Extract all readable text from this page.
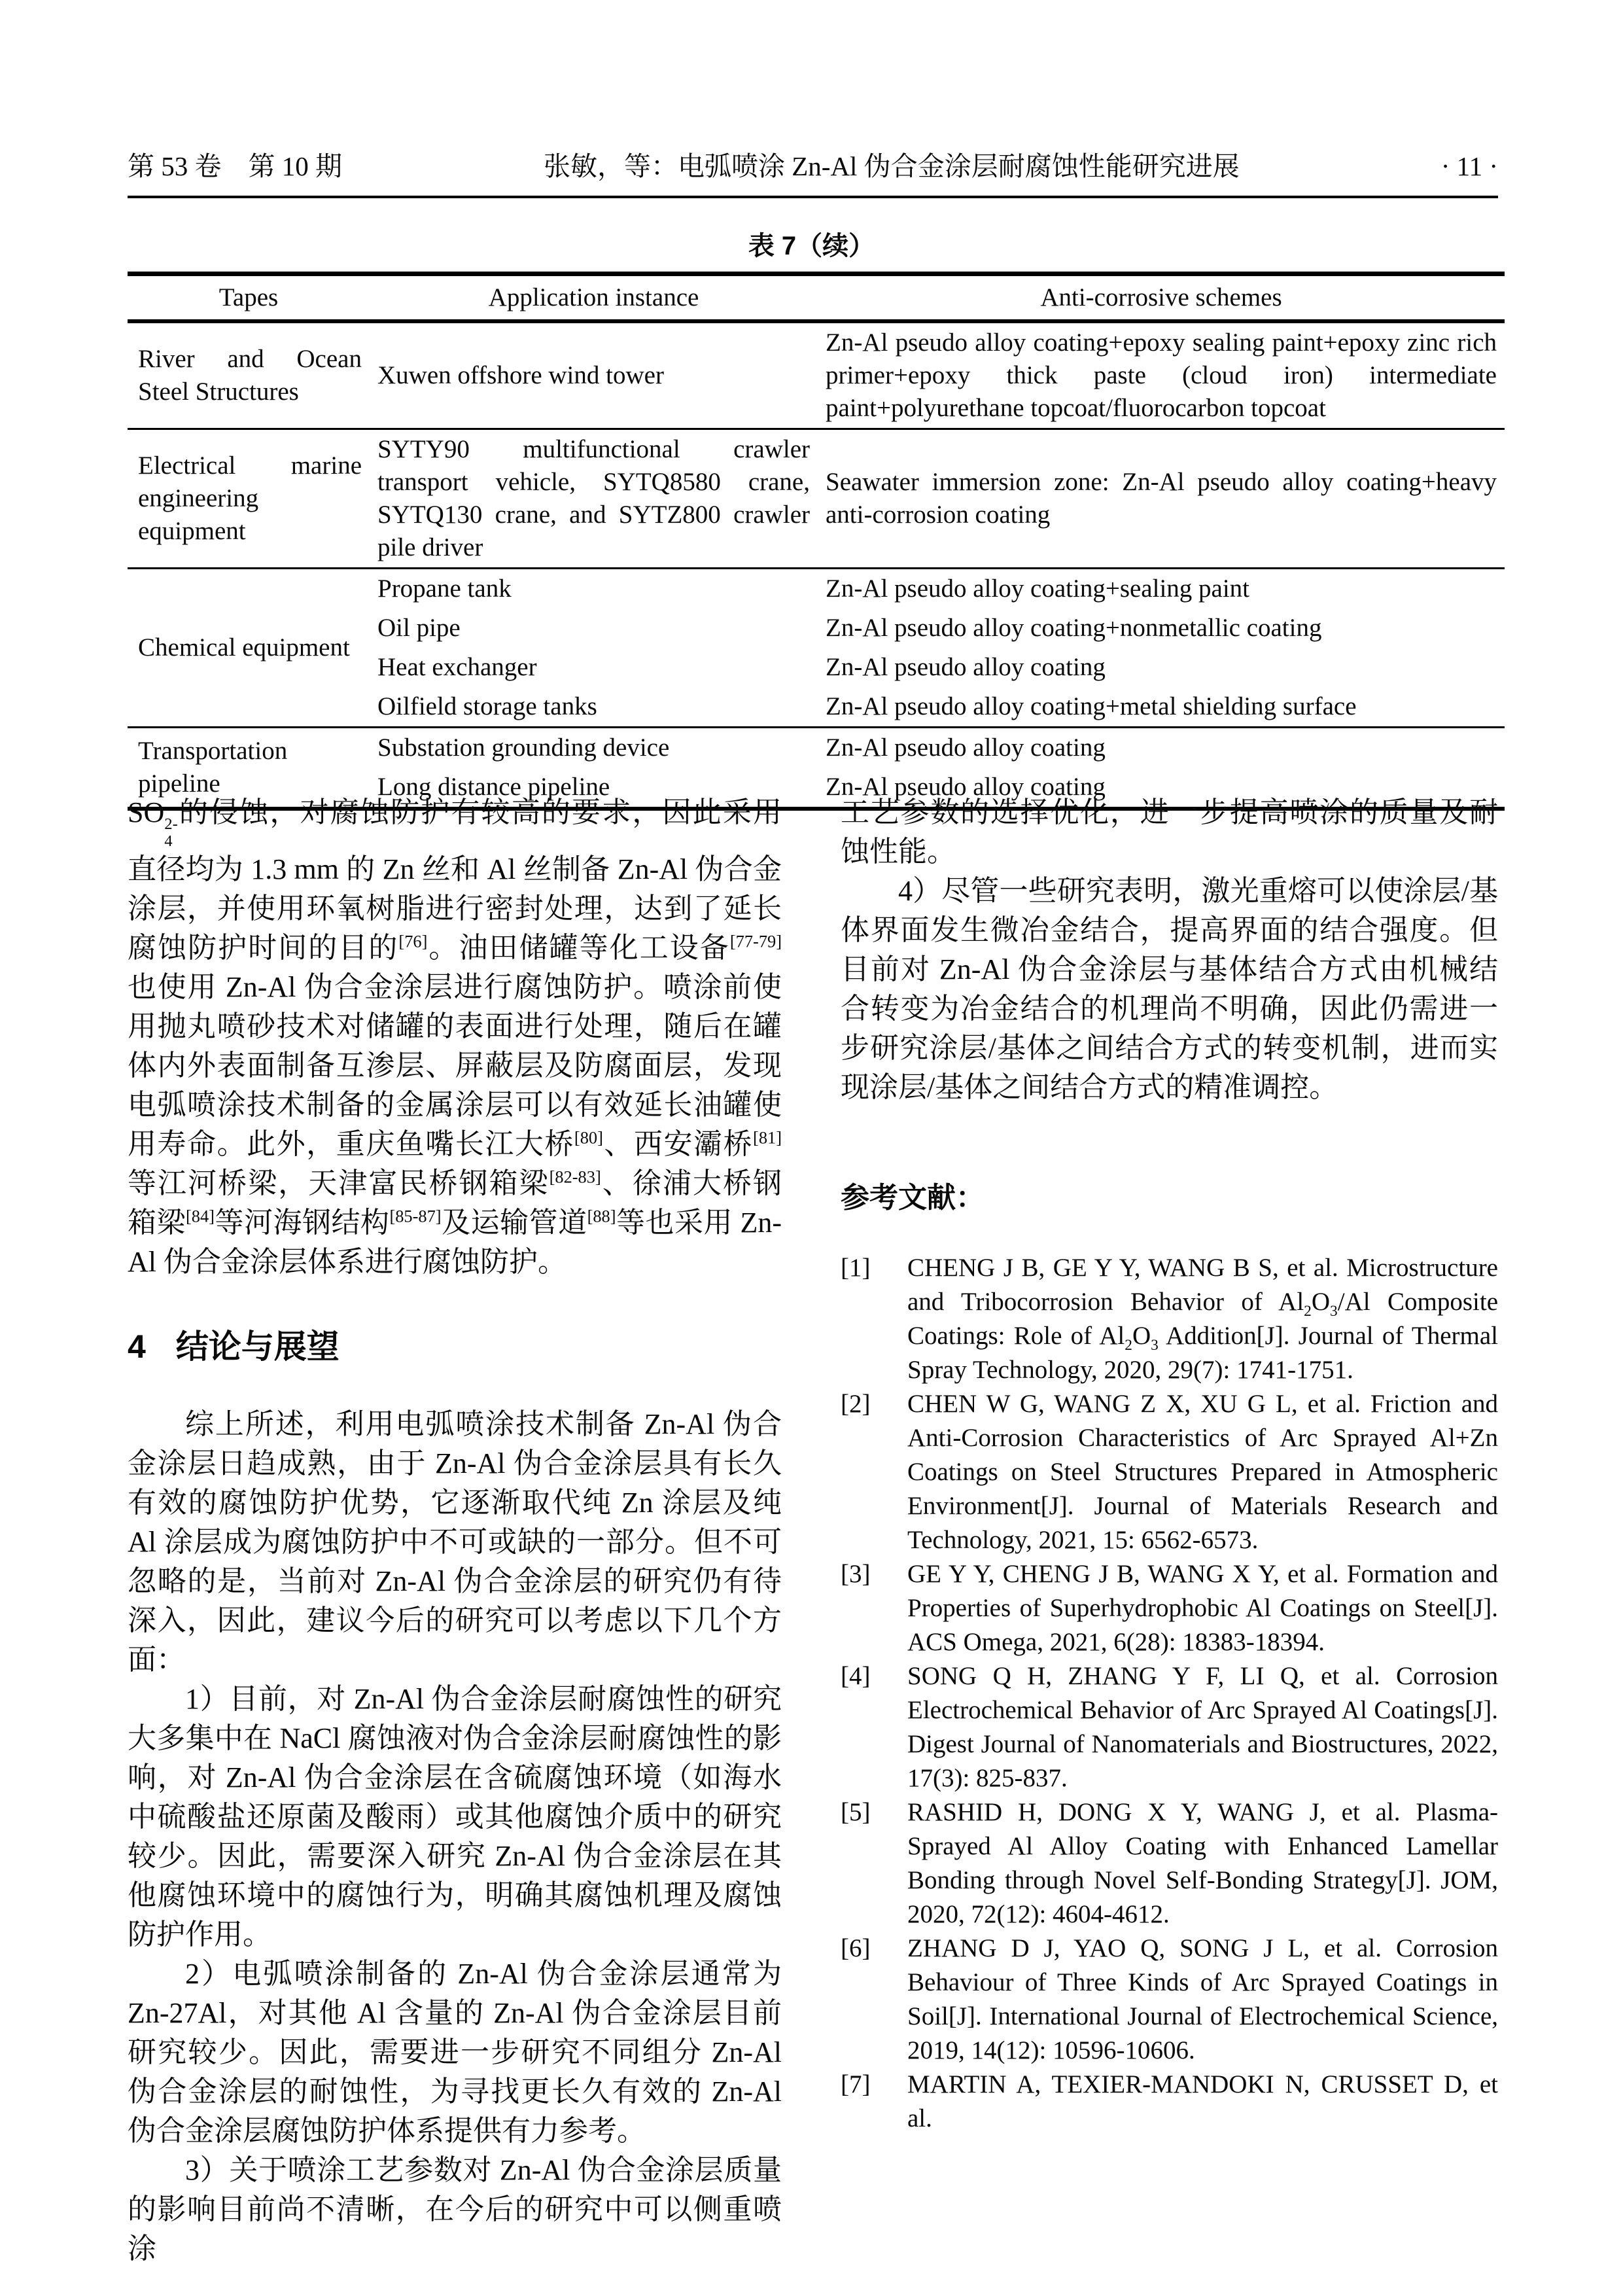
第 53 卷　第 10 期	张敏，等：电弧喷涂 Zn-Al 伪合金涂层耐腐蚀性能研究进展	· 11 ·
表 7（续）
Tapes	Application instance	Anti-corrosive schemes
River and Ocean Steel Structures	Xuwen offshore wind tower	Zn-Al pseudo alloy coating+epoxy sealing paint+epoxy zinc rich primer+epoxy thick paste (cloud iron) intermediate paint+polyurethane topcoat/fluorocarbon topcoat
Electrical marine engineering equipment	SYTY90 multifunctional crawler transport vehicle, SYTQ8580 crane, SYTQ130 crane, and SYTZ800 crawler pile driver	Seawater immersion zone: Zn-Al pseudo alloy coating+heavy anti-corrosion coating
Chemical equipment	Propane tank	Zn-Al pseudo alloy coating+sealing paint
	Oil pipe	Zn-Al pseudo alloy coating+nonmetallic coating
	Heat exchanger	Zn-Al pseudo alloy coating
	Oilfield storage tanks	Zn-Al pseudo alloy coating+metal shielding surface
Transportation pipeline	Substation grounding device	Zn-Al pseudo alloy coating
	Long distance pipeline	Zn-Al pseudo alloy coating

SO 2-
4
的侵蚀，对腐蚀防护有较高的要求，因此采用直径均为 1.3 mm 的 Zn 丝和 Al 丝制备 Zn-Al 伪合金涂层，并使用环氧树脂进行密封处理，达到了延长腐蚀防护时间的目的[76]。油田储罐等化工设备[77-79]也使用 Zn-Al 伪合金涂层进行腐蚀防护。喷涂前使用抛丸喷砂技术对储罐的表面进行处理，随后在罐体内外表面制备互渗层、屏蔽层及防腐面层，发现电弧喷涂技术制备的金属涂层可以有效延长油罐使用寿命。此外，重庆鱼嘴长江大桥[80]、西安灞桥[81]等江河桥梁，天津富民桥钢箱梁[82-83]、徐浦大桥钢箱梁[84]等河海钢结构[85-87]及运输管道[88]等也采用 Zn-Al 伪合金涂层体系进行腐蚀防护。

4 结论与展望

综上所述，利用电弧喷涂技术制备 Zn-Al 伪合金涂层日趋成熟，由于 Zn-Al 伪合金涂层具有长久有效的腐蚀防护优势，它逐渐取代纯 Zn 涂层及纯 Al 涂层成为腐蚀防护中不可或缺的一部分。但不可忽略的是，当前对 Zn-Al 伪合金涂层的研究仍有待深入，因此，建议今后的研究可以考虑以下几个方面：

1）目前，对 Zn-Al 伪合金涂层耐腐蚀性的研究大多集中在 NaCl 腐蚀液对伪合金涂层耐腐蚀性的影响，对 Zn-Al 伪合金涂层在含硫腐蚀环境（如海水中硫酸盐还原菌及酸雨）或其他腐蚀介质中的研究较少。因此，需要深入研究 Zn-Al 伪合金涂层在其他腐蚀环境中的腐蚀行为，明确其腐蚀机理及腐蚀防护作用。

2）电弧喷涂制备的 Zn-Al 伪合金涂层通常为 Zn-27Al，对其他 Al 含量的 Zn-Al 伪合金涂层目前研究较少。因此，需要进一步研究不同组分 Zn-Al 伪合金涂层的耐蚀性，为寻找更长久有效的 Zn-Al 伪合金涂层腐蚀防护体系提供有力参考。

3）关于喷涂工艺参数对 Zn-Al 伪合金涂层质量的影响目前尚不清晰，在今后的研究中可以侧重喷涂

工艺参数的选择优化，进一步提高喷涂的质量及耐蚀性能。

4）尽管一些研究表明，激光重熔可以使涂层/基体界面发生微冶金结合，提高界面的结合强度。但目前对 Zn-Al 伪合金涂层与基体结合方式由机械结合转变为冶金结合的机理尚不明确，因此仍需进一步研究涂层/基体之间结合方式的转变机制，进而实现涂层/基体之间结合方式的精准调控。

参考文献：
[1]	CHENG J B, GE Y Y, WANG B S, et al. Microstructure and Tribocorrosion Behavior of $Al_2O_3/Al$ Composite Coatings: Role of $Al_2O_3$ Addition[J]. Journal of Thermal Spray Technology, 2020, 29(7): 1741-1751.
[2]	CHEN W G, WANG Z X, XU G L, et al. Friction and Anti-Corrosion Characteristics of Arc Sprayed Al+Zn Coatings on Steel Structures Prepared in Atmospheric Environment[J]. Journal of Materials Research and Technology, 2021, 15: 6562-6573.
[3]	GE Y Y, CHENG J B, WANG X Y, et al. Formation and Properties of Superhydrophobic Al Coatings on Steel[J]. ACS Omega, 2021, 6(28): 18383-18394.
[4]	SONG Q H, ZHANG Y F, LI Q, et al. Corrosion Electrochemical Behavior of Arc Sprayed Al Coatings[J]. Digest Journal of Nanomaterials and Biostructures, 2022, 17(3): 825-837.
[5]	RASHID H, DONG X Y, WANG J, et al. Plasma-Sprayed Al Alloy Coating with Enhanced Lamellar Bonding through Novel Self-Bonding Strategy[J]. JOM, 2020, 72(12): 4604-4612.
[6]	ZHANG D J, YAO Q, SONG J L, et al. Corrosion Behaviour of Three Kinds of Arc Sprayed Coatings in Soil[J]. International Journal of Electrochemical Science, 2019, 14(12): 10596-10606.
[7]	MARTIN A, TEXIER-MANDOKI N, CRUSSET D, et al.
